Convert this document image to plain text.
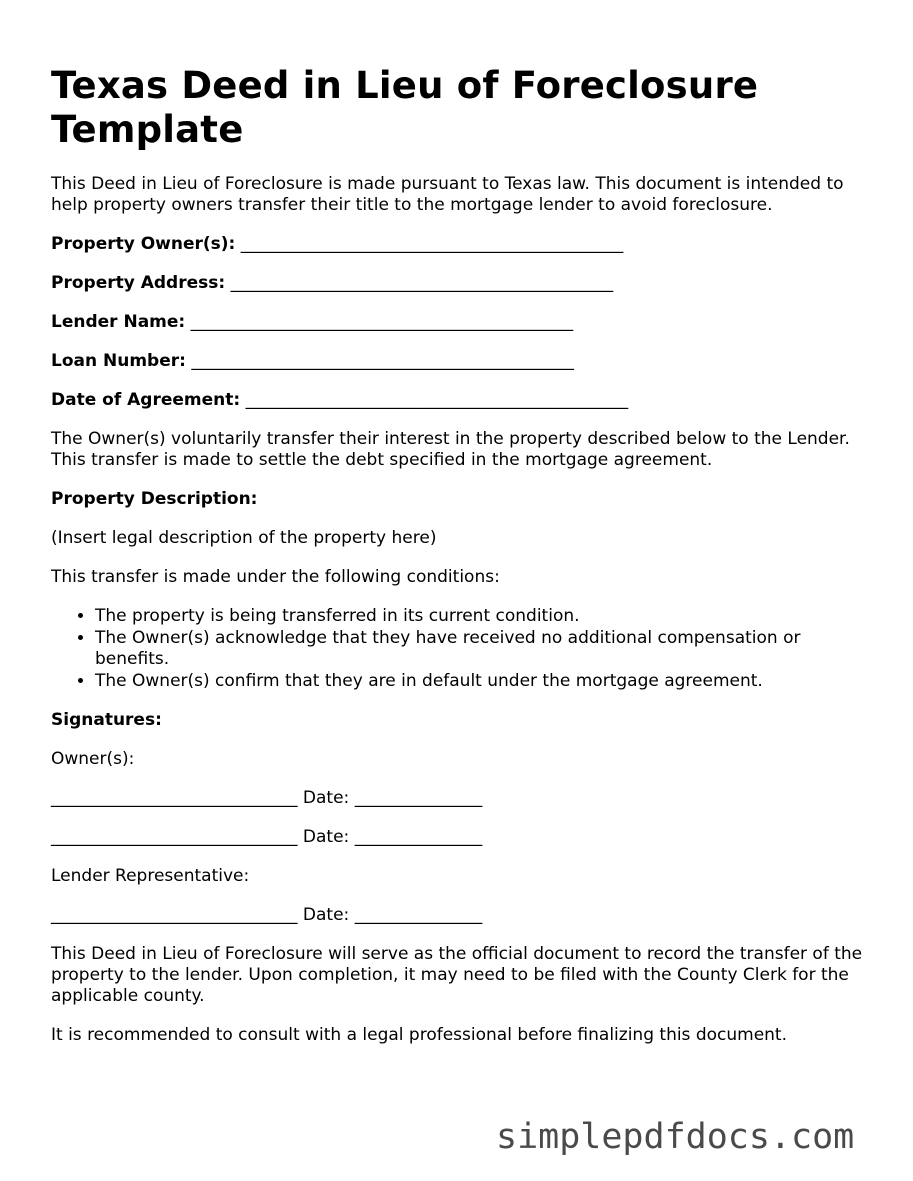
Texas Deed in Lieu of Foreclosure Template

This Deed in Lieu of Foreclosure is made pursuant to Texas law. This document is intended to help property owners transfer their title to the mortgage lender to avoid foreclosure.

Property Owner(s): _____________________________________________

Property Address: _____________________________________________

Lender Name: _____________________________________________

Loan Number: _____________________________________________

Date of Agreement: _____________________________________________

The Owner(s) voluntarily transfer their interest in the property described below to the Lender. This transfer is made to settle the debt specified in the mortgage agreement.

Property Description:

(Insert legal description of the property here)

This transfer is made under the following conditions:

• The property is being transferred in its current condition.
• The Owner(s) acknowledge that they have received no additional compensation or benefits.
• The Owner(s) confirm that they are in default under the mortgage agreement.

Signatures:

Owner(s):

_____________________________ Date: _______________

_____________________________ Date: _______________

Lender Representative:

_____________________________ Date: _______________

This Deed in Lieu of Foreclosure will serve as the official document to record the transfer of the property to the lender. Upon completion, it may need to be filed with the County Clerk for the applicable county.

It is recommended to consult with a legal professional before finalizing this document.

simplepdfdocs.com
